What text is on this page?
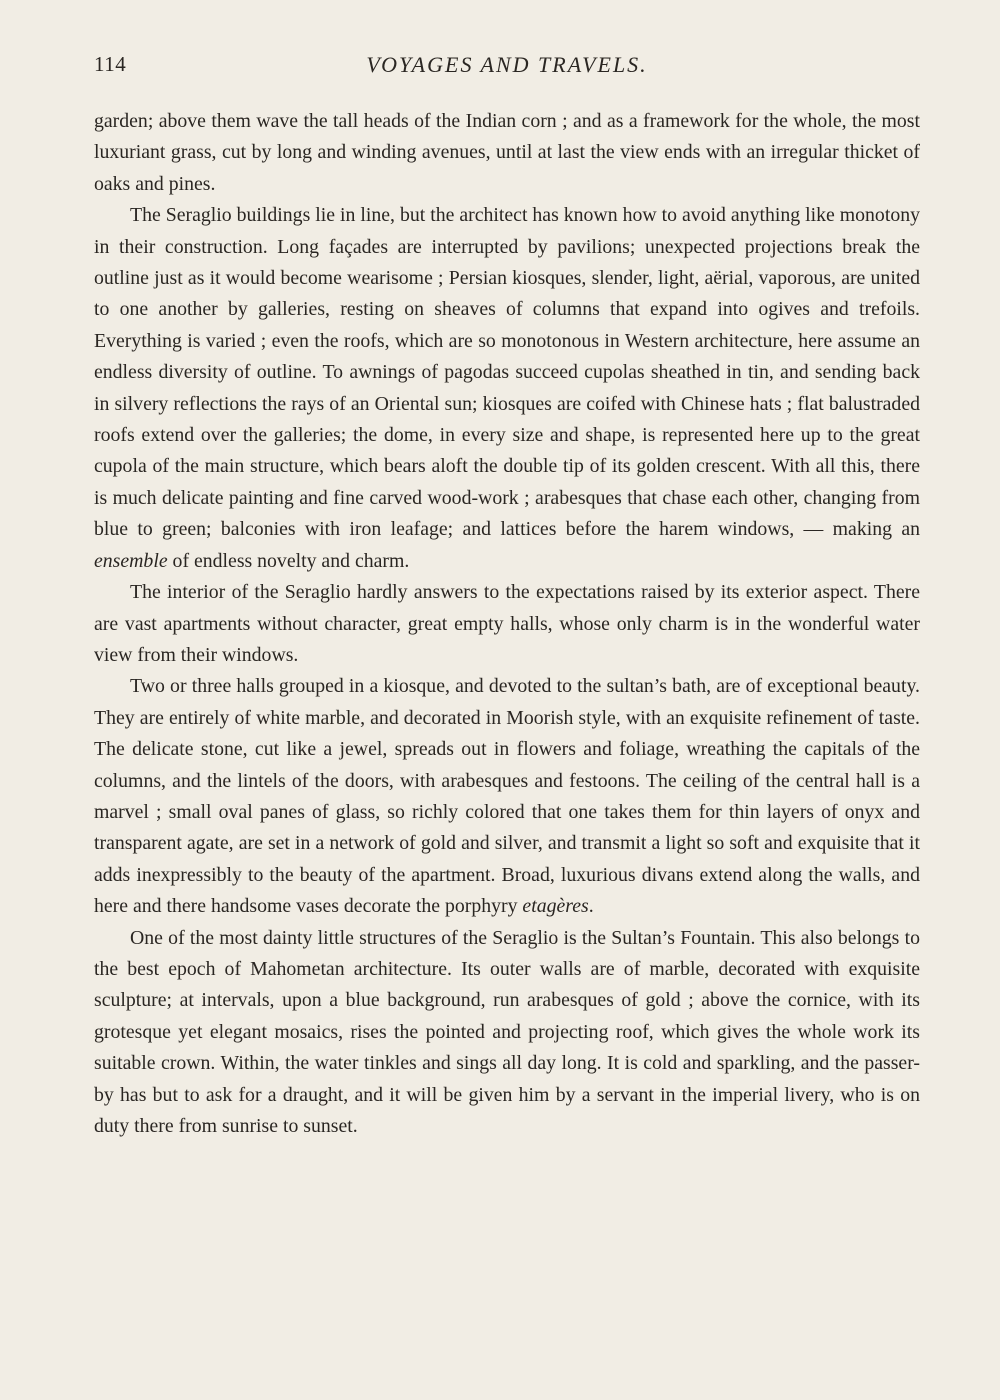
114	VOYAGES AND TRAVELS.

garden; above them wave the tall heads of the Indian corn ; and as a framework for the whole, the most luxuriant grass, cut by long and winding avenues, until at last the view ends with an irregular thicket of oaks and pines.

The Seraglio buildings lie in line, but the architect has known how to avoid anything like monotony in their construction. Long façades are interrupted by pavilions; unexpected projections break the outline just as it would become wearisome ; Persian kiosques, slender, light, aërial, vaporous, are united to one another by galleries, resting on sheaves of columns that expand into ogives and trefoils. Everything is varied ; even the roofs, which are so monotonous in Western architecture, here assume an endless diversity of outline. To awnings of pagodas succeed cupolas sheathed in tin, and sending back in silvery reflections the rays of an Oriental sun; kiosques are coifed with Chinese hats ; flat balustraded roofs extend over the galleries; the dome, in every size and shape, is represented here up to the great cupola of the main structure, which bears aloft the double tip of its golden crescent. With all this, there is much delicate painting and fine carved wood-work ; arabesques that chase each other, changing from blue to green; balconies with iron leafage; and lattices before the harem windows, — making an ensemble of endless novelty and charm.

The interior of the Seraglio hardly answers to the expectations raised by its exterior aspect. There are vast apartments without character, great empty halls, whose only charm is in the wonderful water view from their windows.

Two or three halls grouped in a kiosque, and devoted to the sultan’s bath, are of exceptional beauty. They are entirely of white marble, and decorated in Moorish style, with an exquisite refinement of taste. The delicate stone, cut like a jewel, spreads out in flowers and foliage, wreathing the capitals of the columns, and the lintels of the doors, with arabesques and festoons. The ceiling of the central hall is a marvel ; small oval panes of glass, so richly colored that one takes them for thin layers of onyx and transparent agate, are set in a network of gold and silver, and transmit a light so soft and exquisite that it adds inexpressibly to the beauty of the apartment. Broad, luxurious divans extend along the walls, and here and there handsome vases decorate the porphyry etagères.

One of the most dainty little structures of the Seraglio is the Sultan’s Fountain. This also belongs to the best epoch of Mahometan architecture. Its outer walls are of marble, decorated with exquisite sculpture; at intervals, upon a blue background, run arabesques of gold ; above the cornice, with its grotesque yet elegant mosaics, rises the pointed and projecting roof, which gives the whole work its suitable crown. Within, the water tinkles and sings all day long. It is cold and sparkling, and the passer-by has but to ask for a draught, and it will be given him by a servant in the imperial livery, who is on duty there from sunrise to sunset.
